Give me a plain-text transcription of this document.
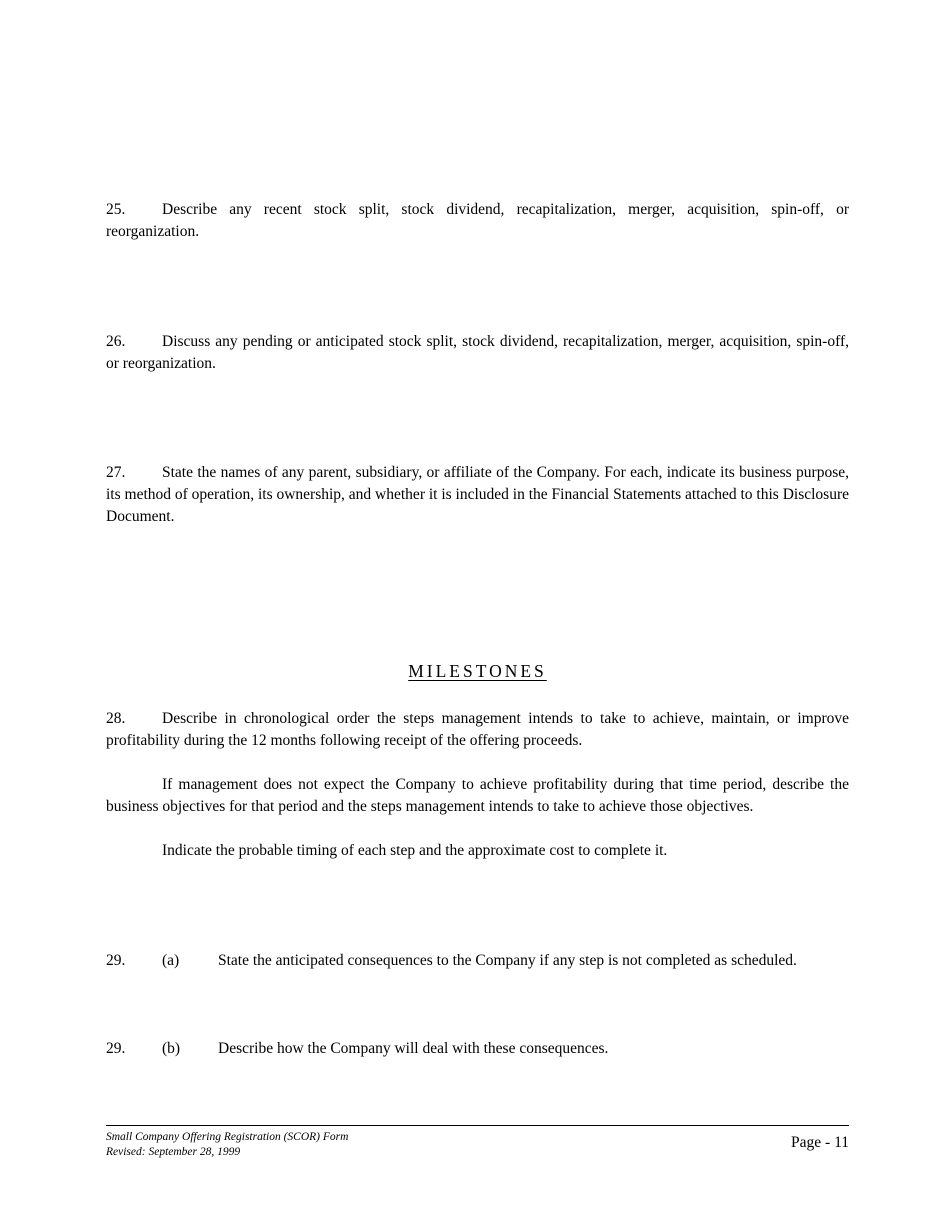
25. Describe any recent stock split, stock dividend, recapitalization, merger, acquisition, spin-off, or reorganization.

26. Discuss any pending or anticipated stock split, stock dividend, recapitalization, merger, acquisition, spin-off, or reorganization.

27. State the names of any parent, subsidiary, or affiliate of the Company. For each, indicate its business purpose, its method of operation, its ownership, and whether it is included in the Financial Statements attached to this Disclosure Document.

MILESTONES

28. Describe in chronological order the steps management intends to take to achieve, maintain, or improve profitability during the 12 months following receipt of the offering proceeds.

If management does not expect the Company to achieve profitability during that time period, describe the business objectives for that period and the steps management intends to take to achieve those objectives.

Indicate the probable timing of each step and the approximate cost to complete it.

29. (a)	State the anticipated consequences to the Company if any step is not completed as scheduled.

29. (b) Describe how the Company will deal with these consequences.

Small Company Offering Registration (SCOR) Form
Revised: September 28, 1999
Page - 11
